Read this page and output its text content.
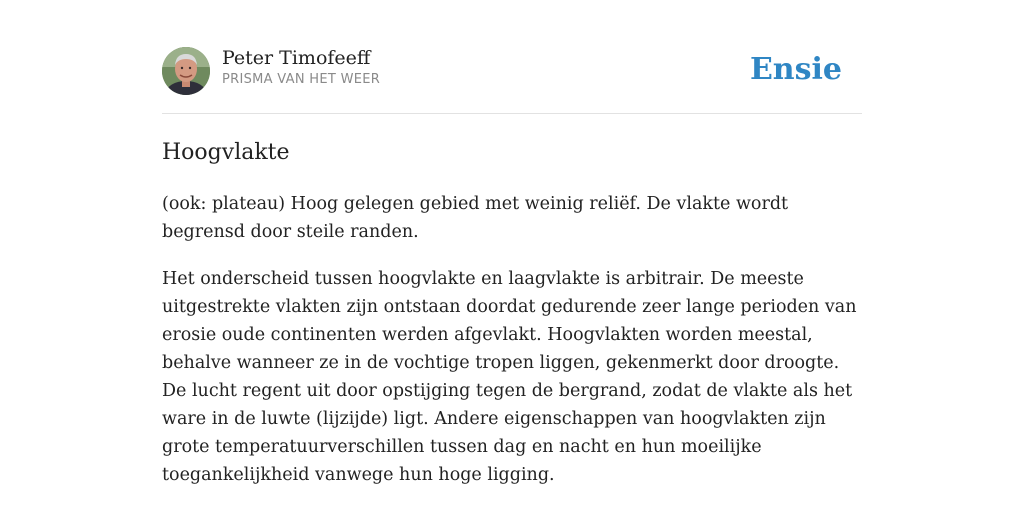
Peter Timofeeff
PRISMA VAN HET WEER	Ensie
Hoogvlakte

(ook: plateau) Hoog gelegen gebied met weinig reliëf. De vlakte wordt begrensd door steile randen.

Het onderscheid tussen hoogvlakte en laagvlakte is arbitrair. De meeste uitgestrekte vlakten zijn ontstaan doordat gedurende zeer lange perioden van erosie oude continenten werden afgevlakt. Hoogvlakten worden meestal, behalve wanneer ze in de vochtige tropen liggen, gekenmerkt door droogte. De lucht regent uit door opstijging tegen de bergrand, zodat de vlakte als het ware in de luwte (lijzijde) ligt. Andere eigenschappen van hoogvlakten zijn grote temperatuurverschillen tussen dag en nacht en hun moeilijke toegankelijkheid vanwege hun hoge ligging.
